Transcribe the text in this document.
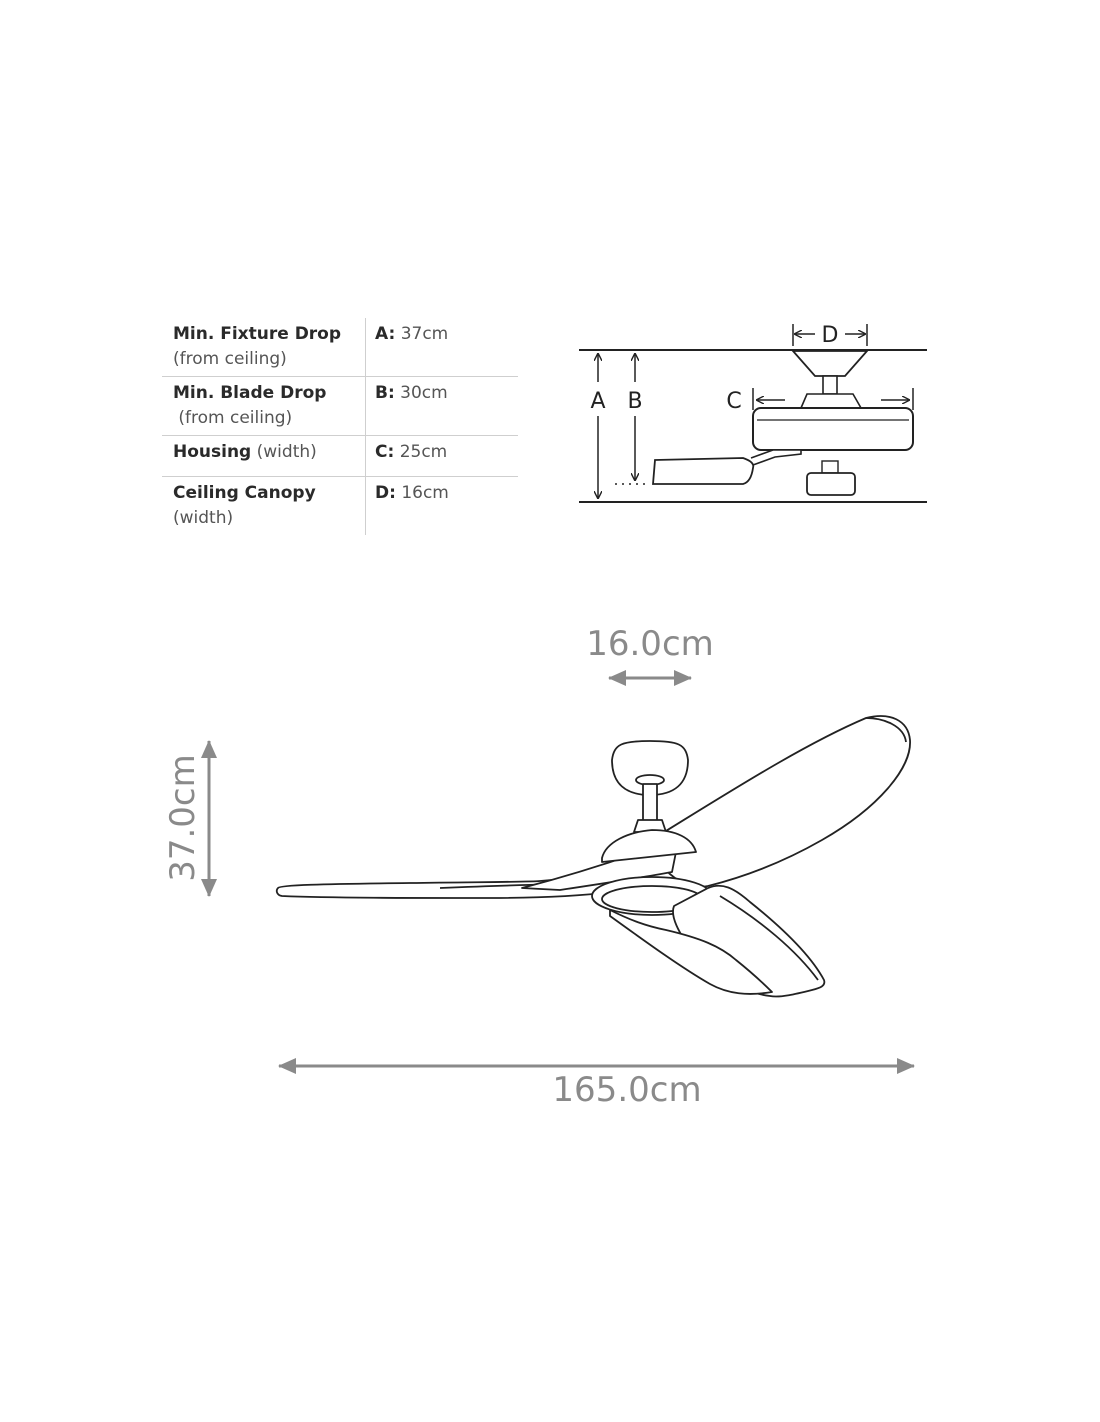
Min. Fixture Drop
(from ceiling)
A: 37cm
Min. Blade Drop
(from ceiling)
B: 30cm
Housing (width)	C: 25cm
Ceiling Canopy
(width)
D: 16cm
D
C
A B
16.0cm
37.0cm
165.0cm
